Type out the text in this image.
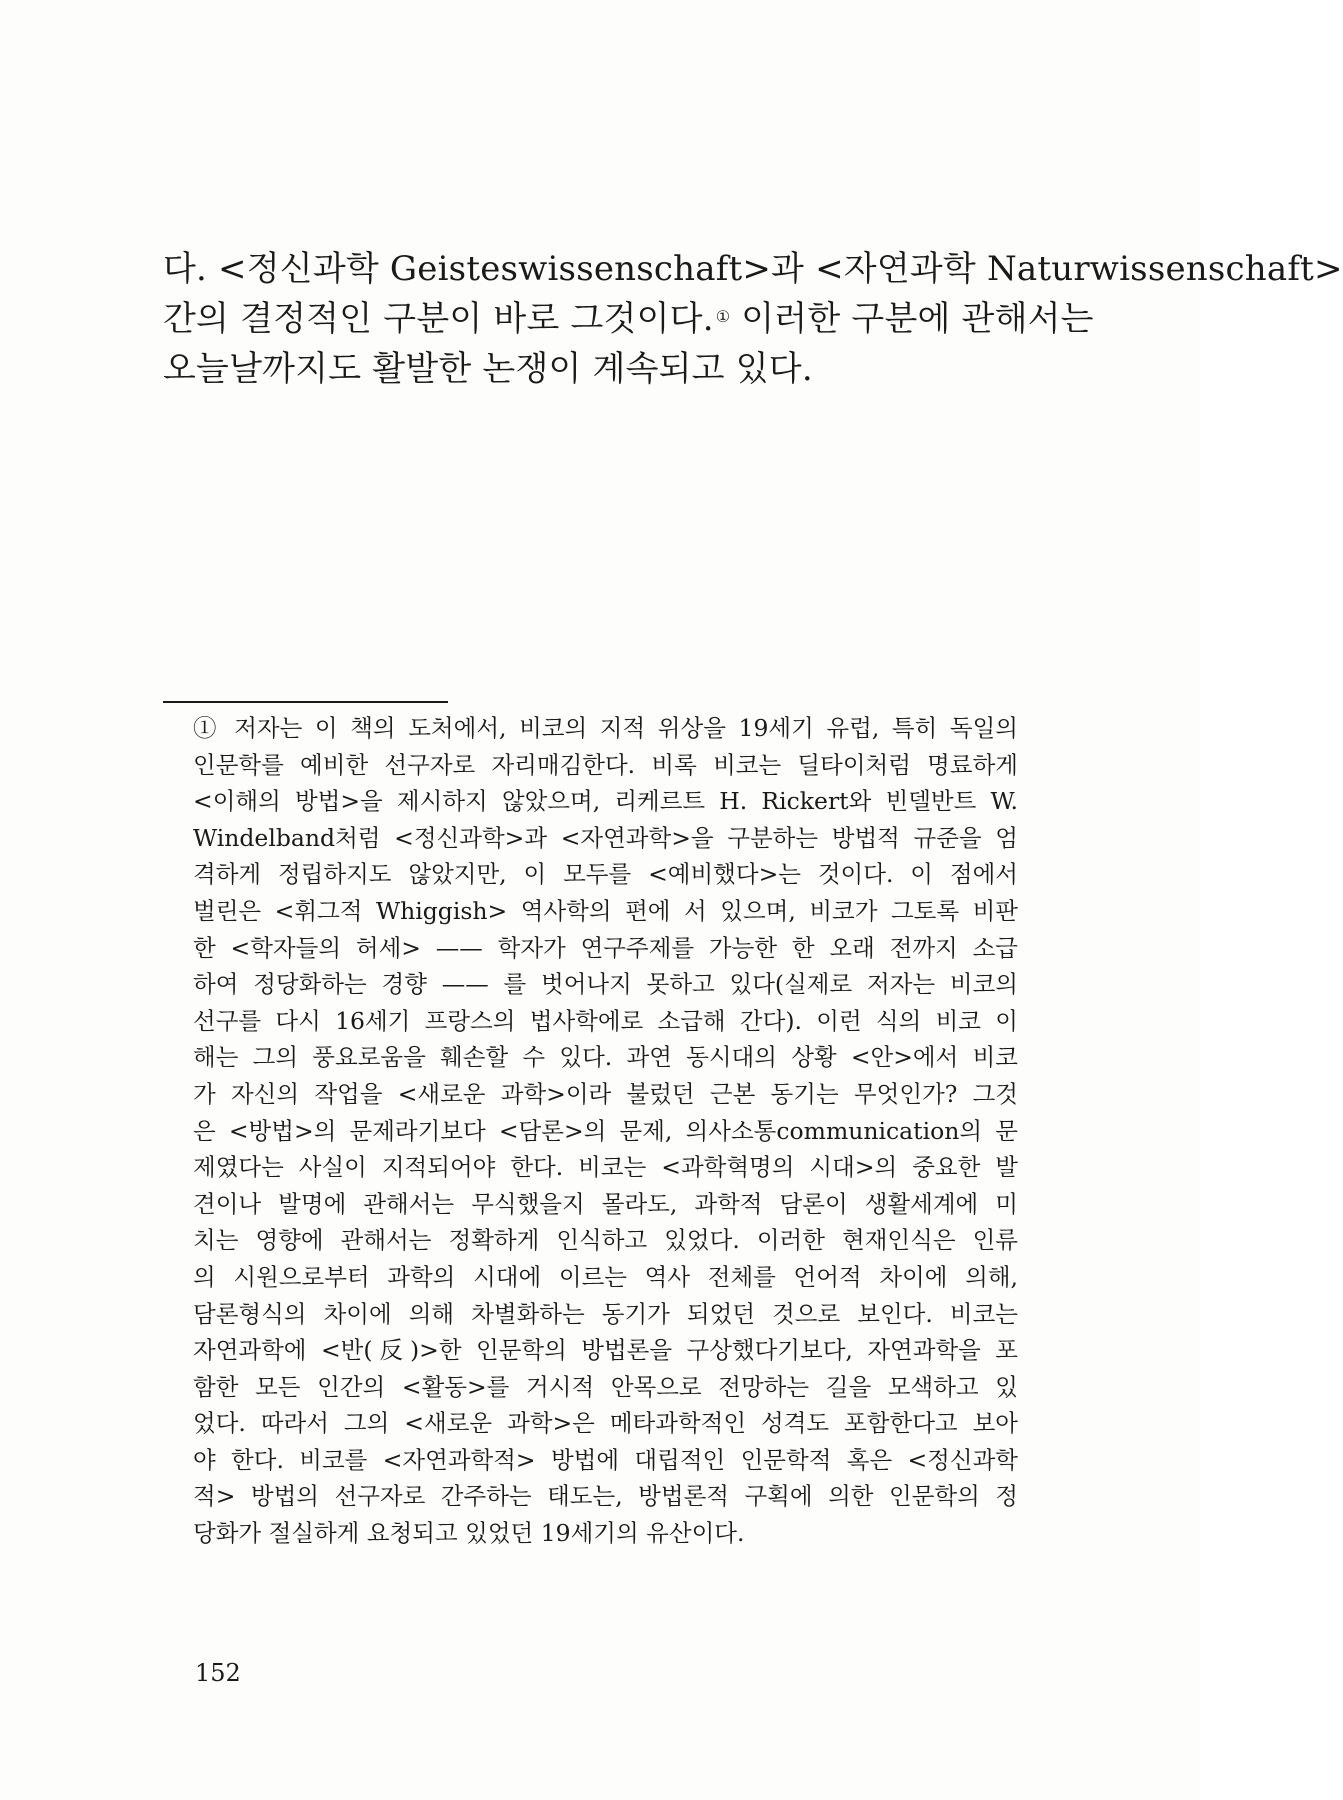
다. <정신과학 Geisteswissenschaft>과 <자연과학 Naturwissenschaft>
간의 결정적인 구분이 바로 그것이다. ① 이러한 구분에 관해서는
오늘날까지도 활발한 논쟁이 계속되고 있다.
① 저자는 이 책의 도처에서, 비코의 지적 위상을 19세기 유럽, 특히 독일의
인문학를 예비한 선구자로 자리매김한다. 비록 비코는 딜타이처럼 명료하게
<이해의 방법>을 제시하지 않았으며, 리케르트 H. Rickert와 빈델반트 W.
Windelband처럼 <정신과학>과 <자연과학>을 구분하는 방법적 규준을 엄
격하게 정립하지도 않았지만, 이 모두를 <예비했다>는 것이다. 이 점에서
벌린은 <휘그적 Whiggish> 역사학의 편에 서 있으며, 비코가 그토록 비판
한 <학자들의 허세> —— 학자가 연구주제를 가능한 한 오래 전까지 소급
하여 정당화하는 경향 —— 를 벗어나지 못하고 있다(실제로 저자는 비코의
선구를 다시 16세기 프랑스의 법사학에로 소급해 간다). 이런 식의 비코 이
해는 그의 풍요로움을 훼손할 수 있다. 과연 동시대의 상황 <안>에서 비코
가 자신의 작업을 <새로운 과학>이라 불렀던 근본 동기는 무엇인가? 그것
은 <방법>의 문제라기보다 <담론>의 문제, 의사소통communication의 문
제였다는 사실이 지적되어야 한다. 비코는 <과학혁명의 시대>의 중요한 발
견이나 발명에 관해서는 무식했을지 몰라도, 과학적 담론이 생활세계에 미
치는 영향에 관해서는 정확하게 인식하고 있었다. 이러한 현재인식은 인류
의 시원으로부터 과학의 시대에 이르는 역사 전체를 언어적 차이에 의해,
담론형식의 차이에 의해 차별화하는 동기가 되었던 것으로 보인다. 비코는
자연과학에 <반(反)>한 인문학의 방법론을 구상했다기보다, 자연과학을 포
함한 모든 인간의 <활동>를 거시적 안목으로 전망하는 길을 모색하고 있
었다. 따라서 그의 <새로운 과학>은 메타과학적인 성격도 포함한다고 보아
야 한다. 비코를 <자연과학적> 방법에 대립적인 인문학적 혹은 <정신과학
적> 방법의 선구자로 간주하는 태도는, 방법론적 구획에 의한 인문학의 정
당화가 절실하게 요청되고 있었던 19세기의 유산이다.
152
